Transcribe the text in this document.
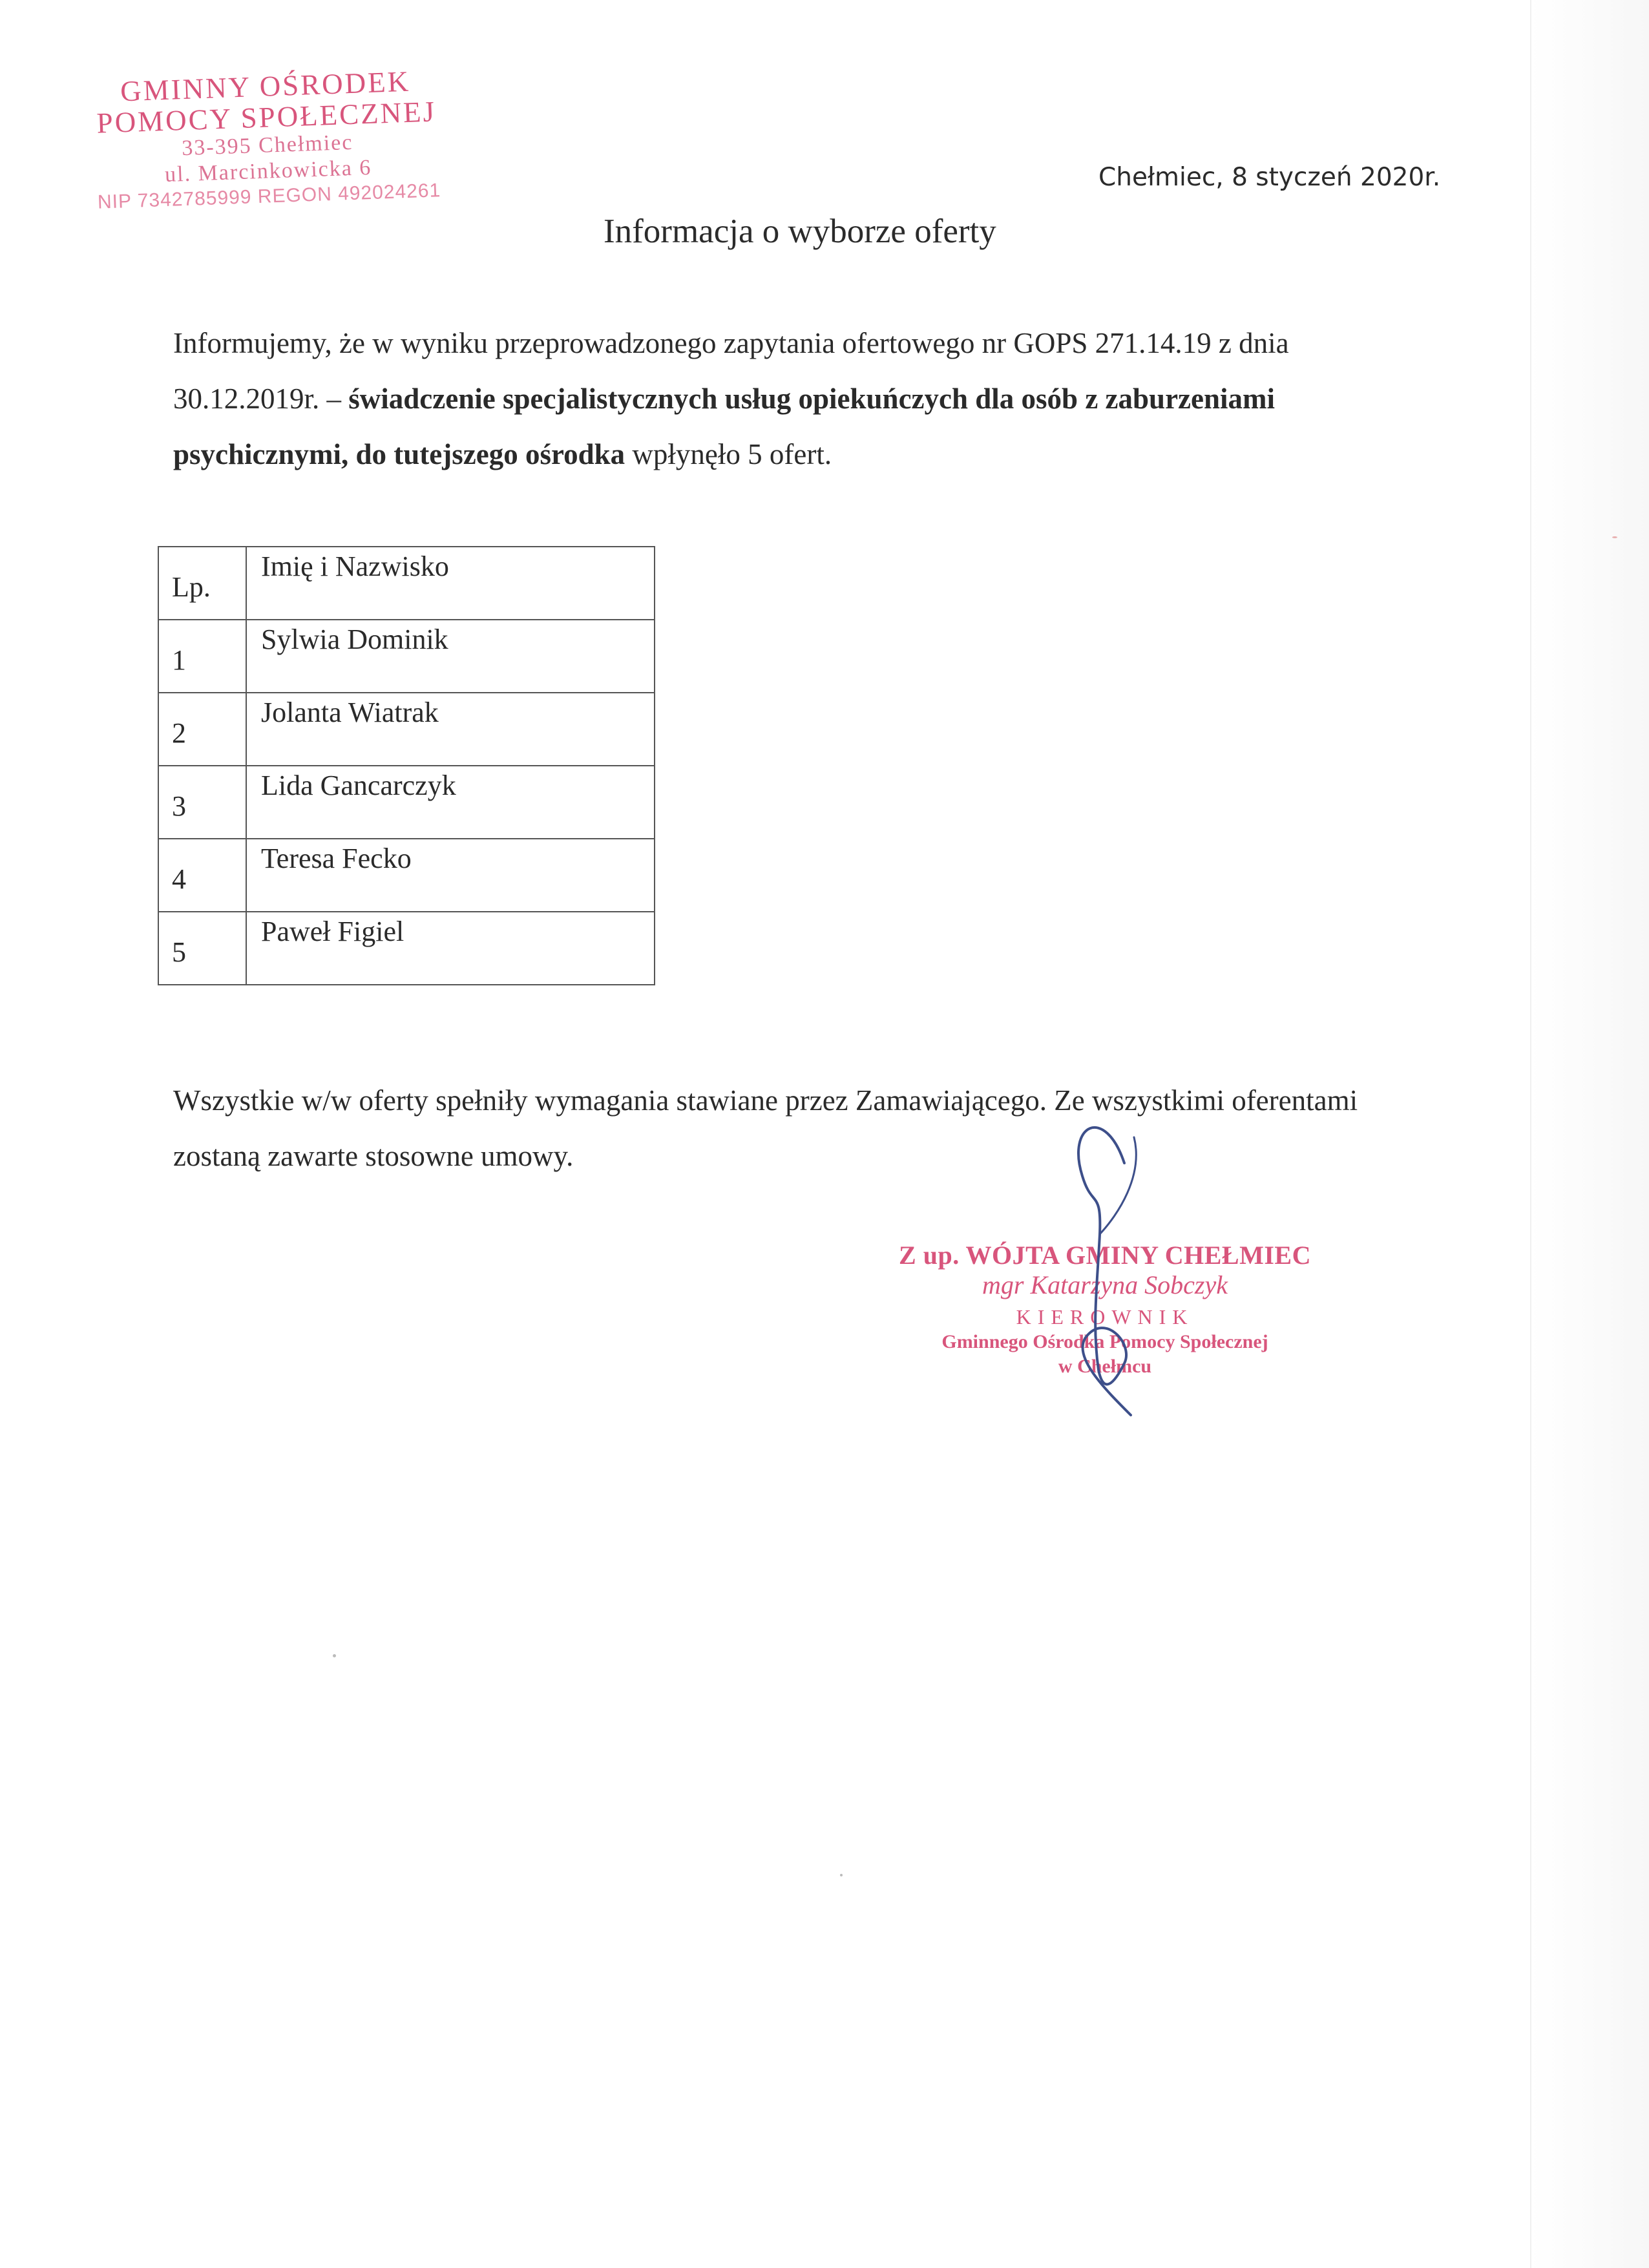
GMINNY OŚRODEK
POMOCY SPOŁECZNEJ
33-395 Chełmiec
ul. Marcinkowicka 6
NIP 7342785999 REGON 492024261
Chełmiec, 8 styczeń 2020r.
Informacja o wyborze oferty
Informujemy, że w wyniku przeprowadzonego zapytania ofertowego nr GOPS 271.14.19 z dnia 30.12.2019r. – świadczenie specjalistycznych usług opiekuńczych dla osób z zaburzeniami psychicznymi, do tutejszego ośrodka wpłynęło 5 ofert.
Lp.	Imię i Nazwisko
1	Sylwia Dominik
2	Jolanta Wiatrak
3	Lida Gancarczyk
4	Teresa Fecko
5	Paweł Figiel
Wszystkie w/w oferty spełniły wymagania stawiane przez Zamawiającego. Ze wszystkimi oferentami zostaną zawarte stosowne umowy.
Z up. WÓJTA GMINY CHEŁMIEC
mgr Katarzyna Sobczyk
KIEROWNIK
Gminnego Ośrodka Pomocy Społecznej
w Chełmcu
